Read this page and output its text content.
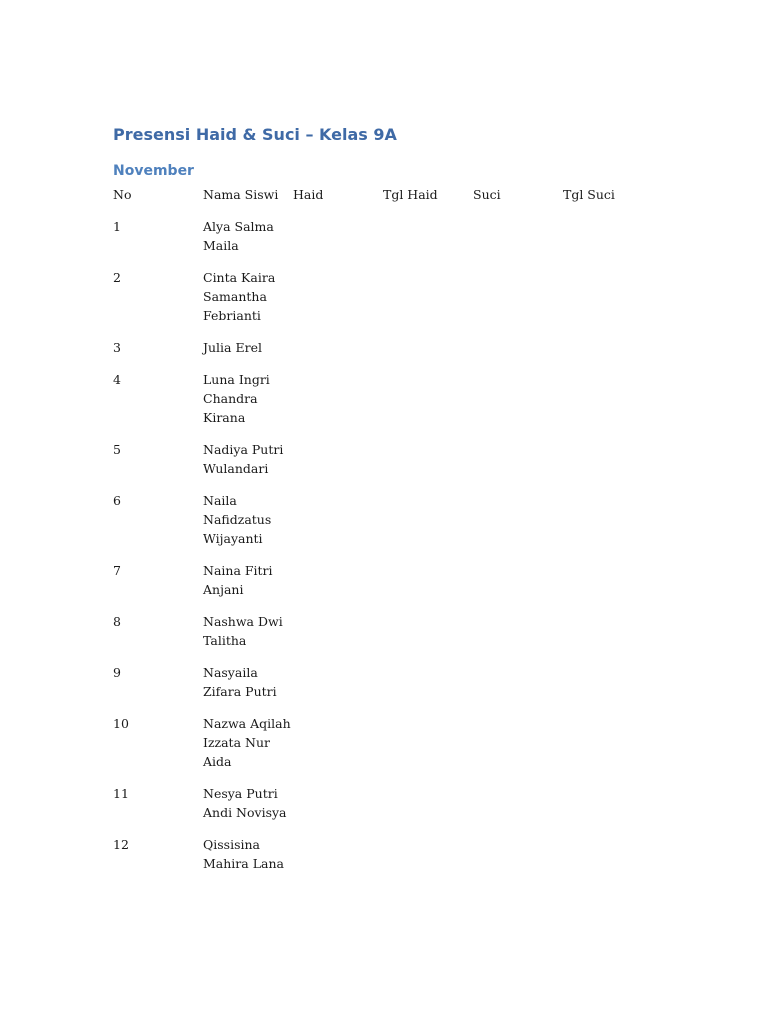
Presensi Haid & Suci – Kelas 9A
November
No	Nama Siswi	Haid	Tgl Haid	Suci	Tgl Suci
1	Alya Salma Maila				
2	Cinta Kaira Samantha Febrianti				
3	Julia Erel				
4	Luna Ingri Chandra Kirana				
5	Nadiya Putri Wulandari				
6	Naila Nafidzatus Wijayanti				
7	Naina Fitri Anjani				
8	Nashwa Dwi Talitha				
9	Nasyaila Zifara Putri				
10	Nazwa Aqilah Izzata Nur Aida				
11	Nesya Putri Andi Novisya				
12	Qissisina Mahira Lana				
